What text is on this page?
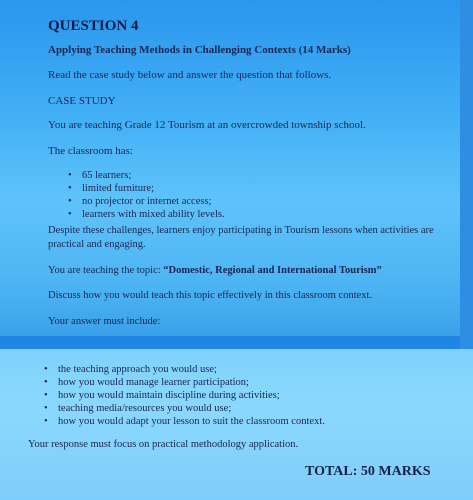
QUESTION 4
Applying Teaching Methods in Challenging Contexts (14 Marks)
Read the case study below and answer the question that follows.
CASE STUDY
You are teaching Grade 12 Tourism at an overcrowded township school.
The classroom has:
• 65 learners;
• limited furniture;
• no projector or internet access;
• learners with mixed ability levels.
Despite these challenges, learners enjoy participating in Tourism lessons when activities are
practical and engaging.
You are teaching the topic: “Domestic, Regional and International Tourism”
Discuss how you would teach this topic effectively in this classroom context.
Your answer must include:
• the teaching approach you would use;
• how you would manage learner participation;
• how you would maintain discipline during activities;
• teaching media/resources you would use;
• how you would adapt your lesson to suit the classroom context.
Your response must focus on practical methodology application.
TOTAL: 50 MARKS
